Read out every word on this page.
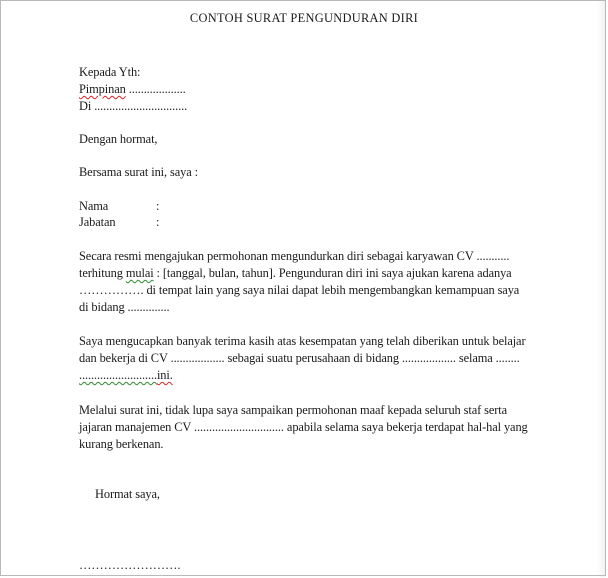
CONTOH SURAT PENGUNDURAN DIRI
Kepada Yth:
Pimpinan ...................
Di ...............................
Dengan hormat,
Bersama surat ini, saya :
Nama	:
Jabatan	:
Secara resmi mengajukan permohonan mengundurkan diri sebagai karyawan CV ...........
terhitung mulai : [tanggal, bulan, tahun]. Pengunduran diri ini saya ajukan karena adanya
……………. di tempat lain yang saya nilai dapat lebih mengembangkan kemampuan saya
di bidang ..............
Saya mengucapkan banyak terima kasih atas kesempatan yang telah diberikan untuk belajar
dan bekerja di CV .................. sebagai suatu perusahaan di bidang .................. selama ........
..........................ini.
Melalui surat ini, tidak lupa saya sampaikan permohonan maaf kepada seluruh staf serta
jajaran manajemen CV .............................. apabila selama saya bekerja terdapat hal-hal yang
kurang berkenan.
Hormat saya,
…………………….
